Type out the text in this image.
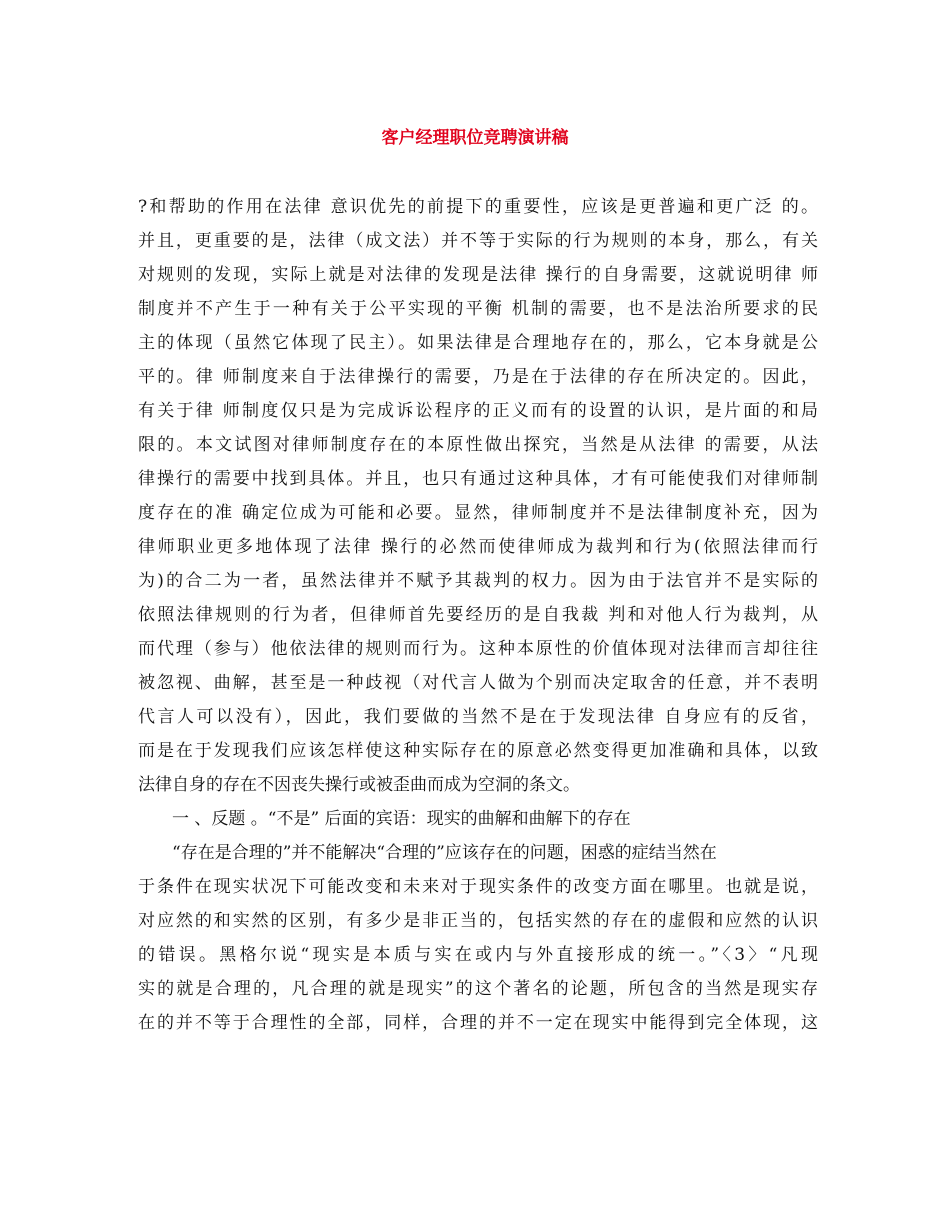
客户经理职位竞聘演讲稿
?和帮助的作用在法律 意识优先的前提下的重要性，应该是更普遍和更广泛 的。
并且，更重要的是，法律（成文法）并不等于实际的行为规则的本身，那么，有关
对规则的发现，实际上就是对法律的发现是法律 操行的自身需要，这就说明律 师
制度并不产生于一种有关于公平实现的平衡 机制的需要，也不是法治所要求的民
主的体现（虽然它体现了民主）。如果法律是合理地存在的，那么，它本身就是公
平的。律 师制度来自于法律操行的需要，乃是在于法律的存在所决定的。因此，
有关于律 师制度仅只是为完成诉讼程序的正义而有的设置的认识，是片面的和局
限的。本文试图对律师制度存在的本原性做出探究，当然是从法律 的需要，从法
律操行的需要中找到具体。并且，也只有通过这种具体，才有可能使我们对律师制
度存在的准 确定位成为可能和必要。显然，律师制度并不是法律制度补充，因为
律师职业更多地体现了法律 操行的必然而使律师成为裁判和行为(依照法律而行
为)的合二为一者，虽然法律并不赋予其裁判的权力。因为由于法官并不是实际的
依照法律规则的行为者，但律师首先要经历的是自我裁 判和对他人行为裁判，从
而代理（参与）他依法律的规则而行为。这种本原性的价值体现对法律而言却往往
被忽视、曲解，甚至是一种歧视（对代言人做为个别而决定取舍的任意，并不表明
代言人可以没有），因此，我们要做的当然不是在于发现法律 自身应有的反省，
而是在于发现我们应该怎样使这种实际存在的原意必然变得更加准确和具体，以致
法律自身的存在不因丧失操行或被歪曲而成为空洞的条文。
一 、反题 。“不是” 后面的宾语：现实的曲解和曲解下的存在
“存在是合理的”并不能解决“合理的”应该存在的问题，困惑的症结当然在
于条件在现实状况下可能改变和未来对于现实条件的改变方面在哪里。也就是说，
对应然的和实然的区别，有多少是非正当的，包括实然的存在的虚假和应然的认识
的错误。黑格尔说“现实是本质与实在或内与外直接形成的统一。”〈3〉“凡现
实的就是合理的，凡合理的就是现实”的这个著名的论题，所包含的当然是现实存
在的并不等于合理性的全部，同样，合理的并不一定在现实中能得到完全体现，这
